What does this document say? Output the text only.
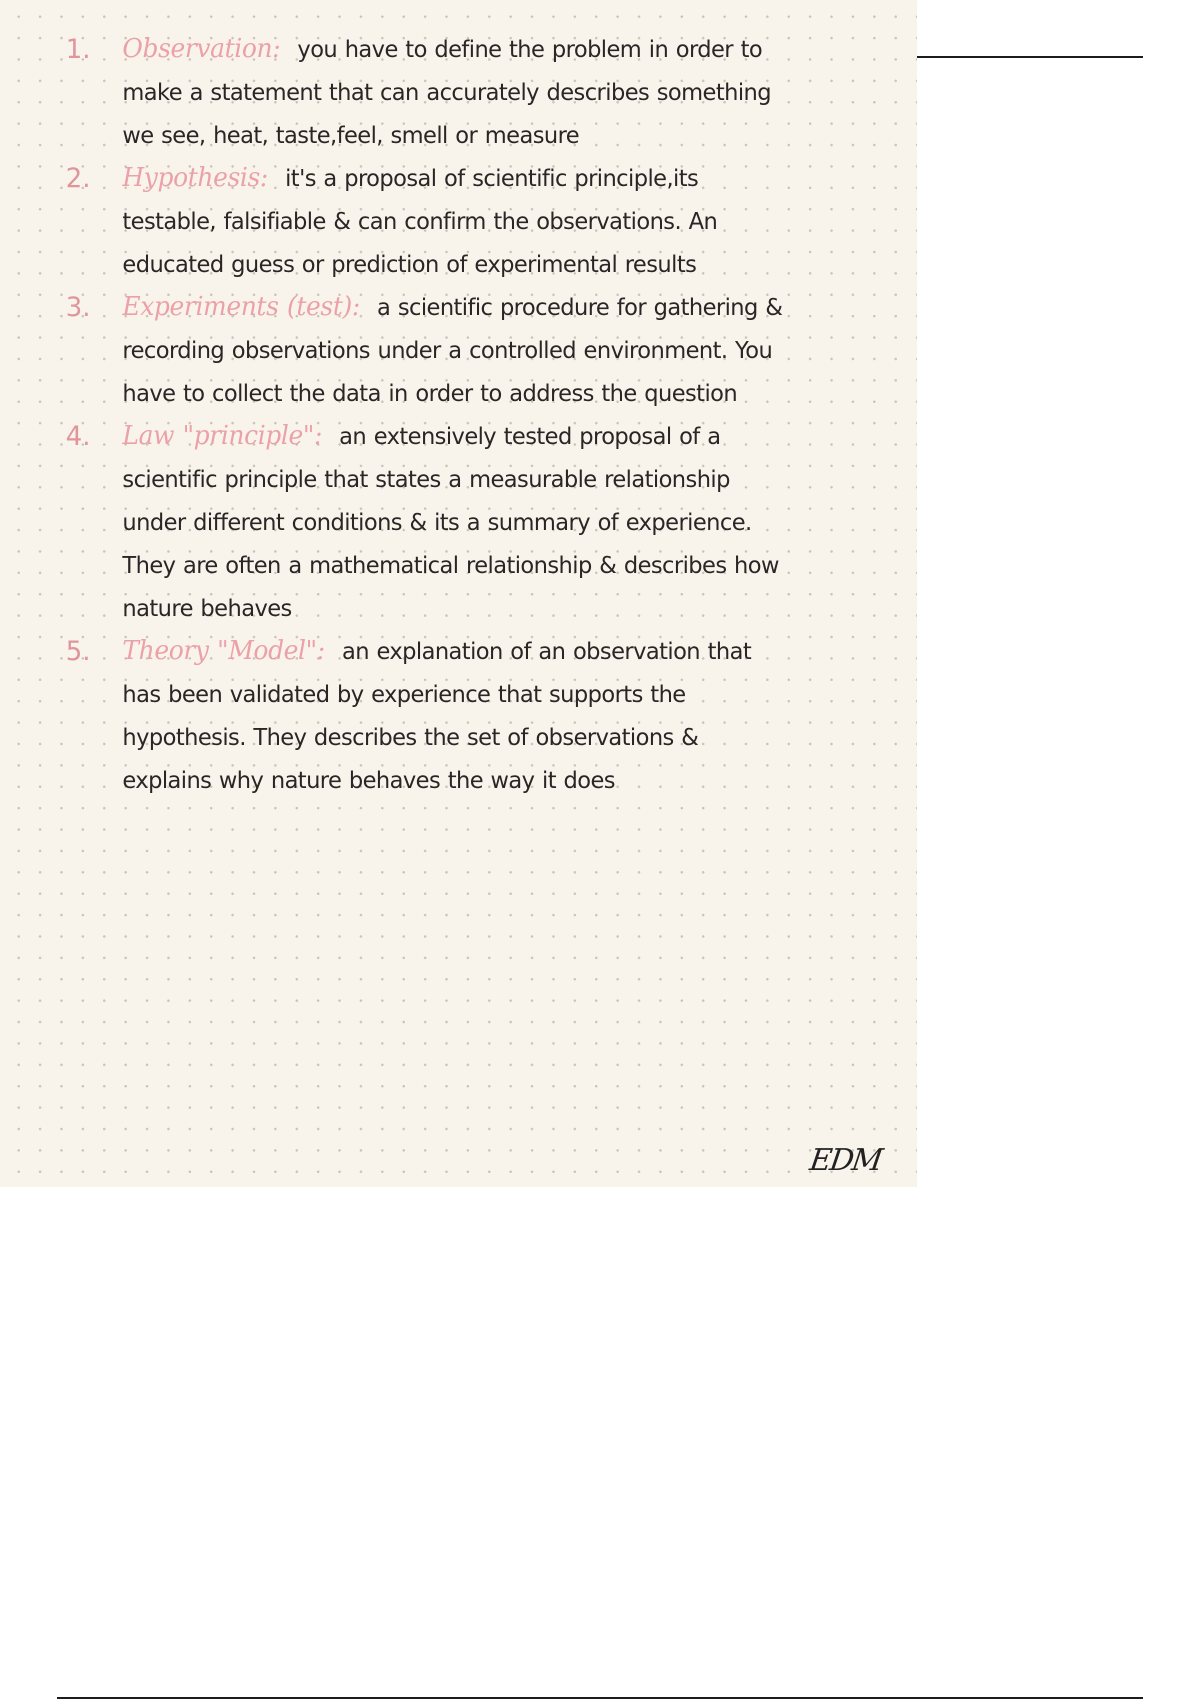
1. Observation: you have to define the problem in order to make a statement that can accurately describes something we see, heat, taste,feel, smell or measure
2. Hypothesis: it's a proposal of scientific principle,its testable, falsifiable & can confirm the observations. An educated guess or prediction of experimental results
3. Experiments (test): a scientific procedure for gathering & recording observations under a controlled environment. You have to collect the data in order to address the question
4. Law "principle": an extensively tested proposal of a scientific principle that states a measurable relationship under different conditions & its a summary of experience. They are often a mathematical relationship & describes how nature behaves
5. Theory "Model": an explanation of an observation that has been validated by experience that supports the hypothesis. They describes the set of observations & explains why nature behaves the way it does
EDM
